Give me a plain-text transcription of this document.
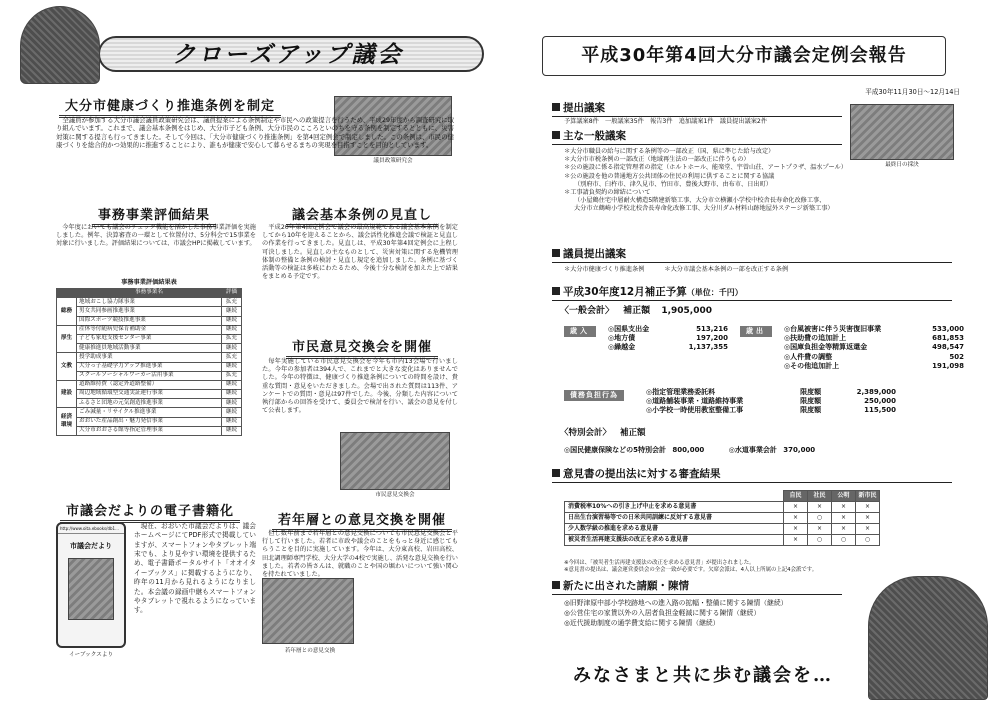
クローズアップ議会
大分市健康づくり推進条例を制定
議員政策研究会
全議員が参加する大分市議会議員政策研究会は、議員提案による条例制定や市民への政策提言を行うため、平成29年度から調査研究に取り組んでいます。これまで、議会基本条例をはじめ、大分市子ども条例、大分市民のこころといのちを守る条例を制定するとともに、災害対策に関する提言も行ってきました。そして今回は、「大分市健康づくり推進条例」を第4回定例会で制定しました。この条例は、市民の健康づくりを総合的かつ効果的に推進することにより、誰もが健康で安心して暮らせるまちの実現を目指すことを目的としています。
事務事業評価結果
今年度においても議会のチェック機能を活かした事務事業評価を実施しました。例年、決算審査の一環として位置付け、5分科会で15事業を対象に行いました。評価結果については、市議会HPに掲載しています。
事務事業評価結果表
	事務事業名	評価
総務	地域おこし協力隊事業	拡充
	男女共同参画推進事業	継続
	国際スポーツ競技推進事業	継続
厚生	産休等付随病児保育補助金	継続
	子ども家庭支援センター事業	拡充
	健康推進員地域活動事業	継続
文教	授学助成事業	拡充
	大分っ子基礎学力アップ推進事業	継続
	スクールソーシャルワーカー活用事業	拡充
建設	道路維持費（認定外道路整備）	継続
	周辺地域循環型交通実証運行事業	継続
	ふるさと団地の元気創造推進事業	継続
経済環境	ごみ減量・リサイクル推進事業	継続
	おおいた産品創出・魅力発信事業	継続
	大分市おおさる館等指定管理事業	継続
議会基本条例の見直し
平成20年第4回定例会で議会の最高規範である議会基本条例を制定してから10年を迎えることから、議会活性化推進会議で検証と見直しの作業を行ってきました。見直しは、平成30年第4回定例会に上程し可決しました。見直しの主なものとして、災害対策に関する危機管理体制の整備と条例の検討・見直し規定を追加しました。条例に基づく活動等の検証は多岐にわたるため、今後十分な検討を加えた上で結果をまとめる予定です。
市民意見交換会を開催
毎年実施している市民意見交換会を今年も市内13会場で行いました。今年の参加者は394人で、これまでと大きな変化はありませんでした。今年の特徴は、健康づくり推進条例についての時間を設け、貴重な質問・意見をいただきました。会場で出された質問は113件、アンケートでの質問・意見は97件でした。今後、分類した内容について執行部からの回答を受けて、委員会で検討を行い、議会の意見を付して公表します。
市民意見交換会
市議会だよりの電子書籍化
http://www.oita.ebooks/db1...
市議会だより
イーブックスより
現在、おおいた市議会だよりは、議会ホームページにてPDF形式で掲載していますが、スマートフォンやタブレット端末でも、より見やすい環境を提供するため、電子書籍ポータルサイト「オオイタ イーブックス」に掲載するようになり、昨年の11月から見れるようになりました。本会議の録画中継もスマートフォンやタブレットで視れるようになっています。
若年層との意見交換を開催
但し数年前まで若年層との意見交換についても市民意見交換会と平行して行いました。若者に市政や議会のことをもっと身近に感じてもらうことを目的に実施しています。今年は、大分東高校、岩田高校、田北調理師専門学校、大分大学の4校で実施し、活発な意見交換を行いました。若者の皆さんは、就職のことや国の堀わいについて強い関心を持たれていました。
若年層との意見交換
平成30年第4回大分市議会定例会報告
平成30年11月30日～12月14日
最終日の採決
提出議案
予算議案8件　一般議案35件　報告3件　追加議案1件　議員提出議案2件
主な一般議案
＊大分市職員の給与に関する条例等の一部改正（国、県に準じた給与改定）
＊大分市市税条例の一部改正（地域再生法の一部改正に伴うもの）
＊公の施設に係る指定管理者の指定（ホルトホール、能楽堂、宇曽山荘、アートプラザ、温水プール）
＊公の施設を他の普通地方公共団体の住民の利用に供することに関する協議
（別府市、臼杵市、津久見市、竹田市、豊後大野市、由布市、日出町）
＊工事請負契約の締結について
（小屋鶴住宅中層耐火構造5階建新築工事、大分市立横瀬小学校中校舎長寿命化改修工事、
大分市立鶴崎小学校北校舎長寿命化改修工事、大分川ダム材料山跡地屋外ステージ新築工事）
議員提出議案
＊大分市健康づくり推進条例	＊大分市議会基本条例の一部を改正する条例
平成30年度12月補正予算（単位：千円）
〈一般会計〉 補正額 1,905,000
歳入	◎国県支出金	513,216
◎地方債	197,200
◎繰越金	1,137,355
歳出	◎台風被害に伴う災害復旧事業	533,000
◎扶助費の追加計上	681,853
◎国庫負担金等精算返還金	498,547
◎人件費の調整	502
◎その他追加計上	191,098
債務負担行為	◎指定管理業務委託料	限度額	2,389,000
◎道路舗装事業・道路維持事業	限度額	250,000
◎小学校一時使用教室整備工事	限度額	115,500
〈特別会計〉 補正額
◎国民健康保険などの5特別会計 800,000	◎水道事業会計 370,000
意見書の提出法に対する審査結果
	自民	社民	公明	新市民
消費税率10%への引き上げ中止を求める意見書	×	×	×	×
日出生台演習場等での日米共同訓練に反対する意見書	×	○	×	×
少人数学級の推進を求める意見書	×	×	×	×
被災者生活再建支援法の改正を求める意見書	×	○	○	○
※今回は、「被災者生活再建支援法の改正を求める意見書」が提出されました。
※意見書の提出は、議会運営委員会の全会一致が必要です。欠席会派は、4人以上所属の上記4会派です。
新たに出された請願・陳情
◎旧野津原中部小学校跡地への進入路の拡幅・整備に関する陳情（継続）
◎公営住宅の家賃以外の入居者負担金軽減に関する陳情（継続）
◎近代援助制度の通学費支給に関する陳情（継続）
みなさまと共に歩む議会を…
